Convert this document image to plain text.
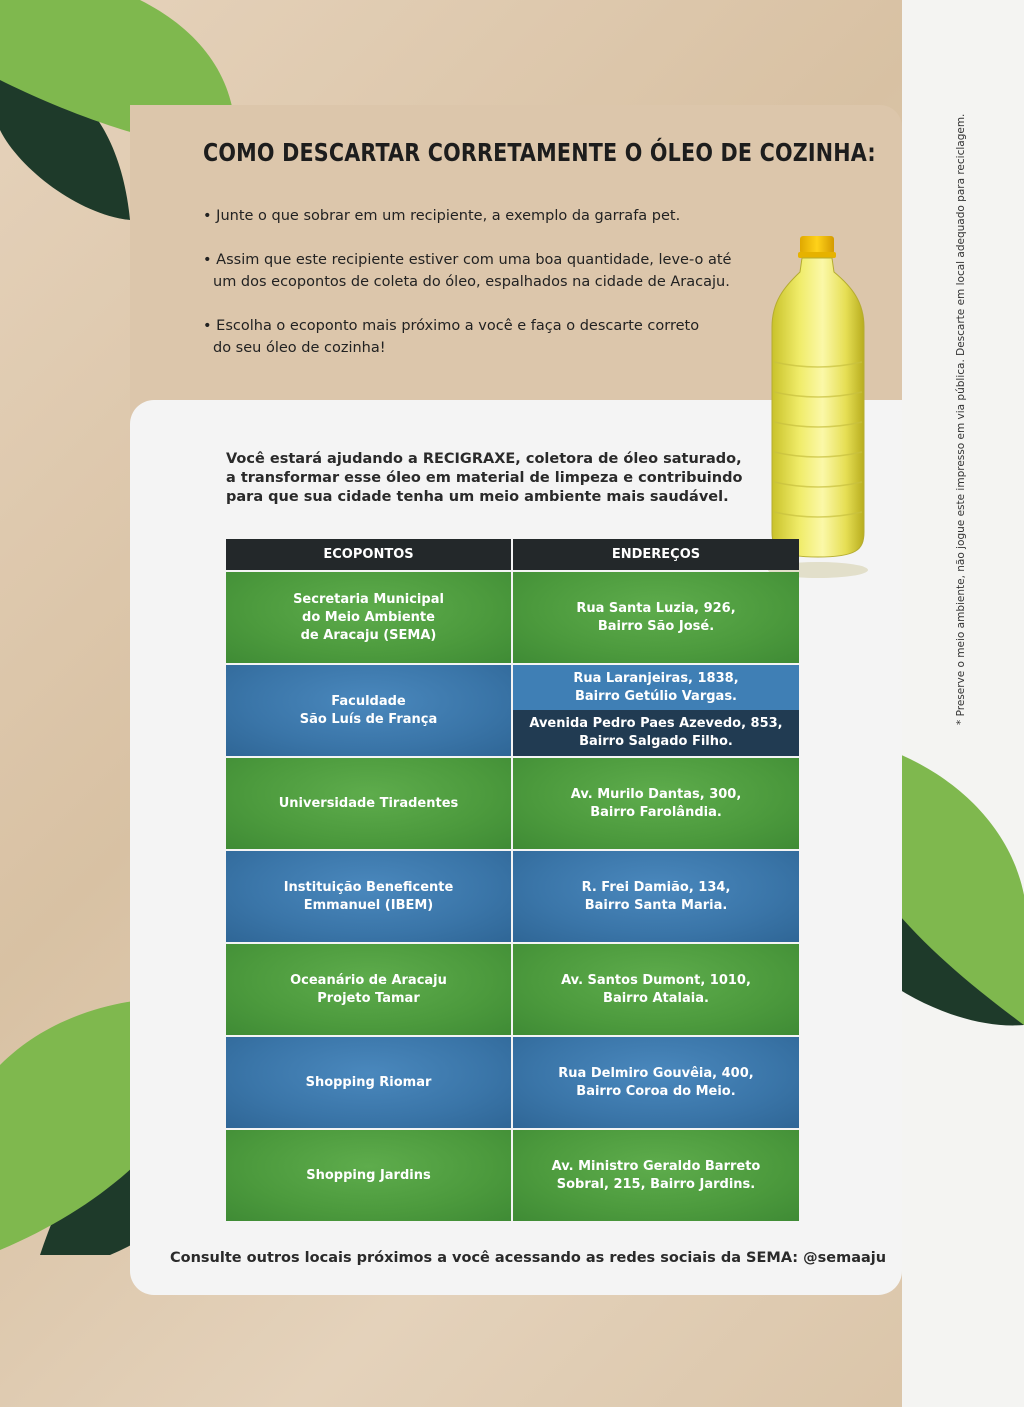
COMO DESCARTAR CORRETAMENTE O ÓLEO DE COZINHA:
• Junte o que sobrar em um recipiente, a exemplo da garrafa pet.
• Assim que este recipiente estiver com uma boa quantidade, leve-o até
um dos ecopontos de coleta do óleo, espalhados na cidade de Aracaju.
• Escolha o ecoponto mais próximo a você e faça o descarte correto
do seu óleo de cozinha!
Você estará ajudando a RECIGRAXE, coletora de óleo saturado,
a transformar esse óleo em material de limpeza e contribuindo
para que sua cidade tenha um meio ambiente mais saudável.
ECOPONTOS	ENDEREÇOS
Secretaria Municipal
do Meio Ambiente
de Aracaju (SEMA)
Rua Santa Luzia, 926,
Bairro São José.
Faculdade
São Luís de França
Rua Laranjeiras, 1838,
Bairro Getúlio Vargas.
Avenida Pedro Paes Azevedo, 853,
Bairro Salgado Filho.
Universidade Tiradentes
Av. Murilo Dantas, 300,
Bairro Farolândia.
Instituição Beneficente
Emmanuel (IBEM)
R. Frei Damião, 134,
Bairro Santa Maria.
Oceanário de Aracaju
Projeto Tamar
Av. Santos Dumont, 1010,
Bairro Atalaia.
Shopping Riomar
Rua Delmiro Gouvêia, 400,
Bairro Coroa do Meio.
Shopping Jardins
Av. Ministro Geraldo Barreto
Sobral, 215, Bairro Jardins.
Consulte outros locais próximos a você acessando as redes sociais da SEMA: @semaaju
* Preserve o meio ambiente, não jogue este impresso em via pública. Descarte em local adequado para reciclagem.
